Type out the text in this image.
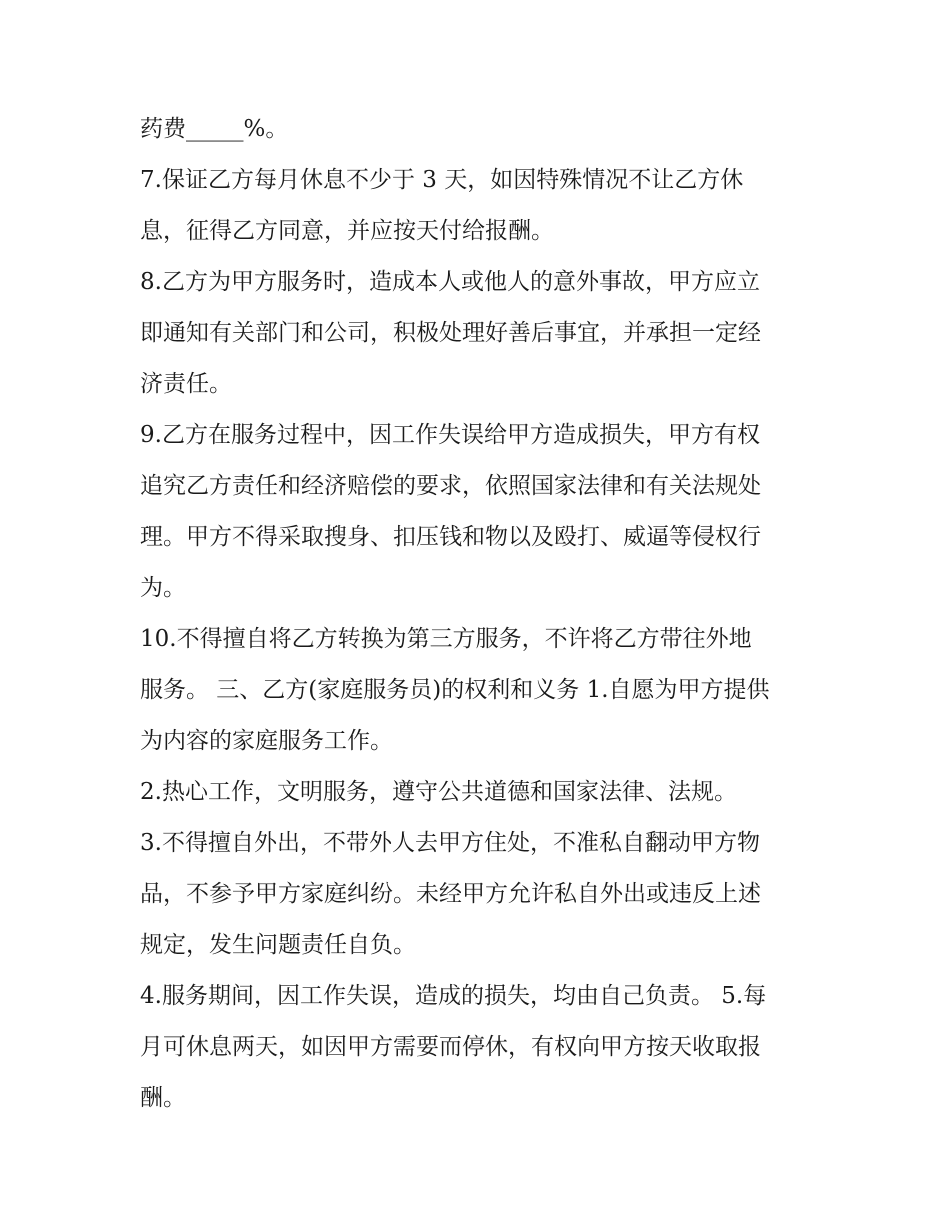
药费_____%。
7.保证乙方每月休息不少于 3 天，如因特殊情况不让乙方休
息，征得乙方同意，并应按天付给报酬。
8.乙方为甲方服务时，造成本人或他人的意外事故，甲方应立
即通知有关部门和公司，积极处理好善后事宜，并承担一定经
济责任。
9.乙方在服务过程中，因工作失误给甲方造成损失，甲方有权
追究乙方责任和经济赔偿的要求，依照国家法律和有关法规处
理。甲方不得采取搜身、扣压钱和物以及殴打、威逼等侵权行
为。
10.不得擅自将乙方转换为第三方服务，不许将乙方带往外地
服务。 三、乙方(家庭服务员)的权利和义务 1.自愿为甲方提供
为内容的家庭服务工作。
2.热心工作，文明服务，遵守公共道德和国家法律、法规。
3.不得擅自外出，不带外人去甲方住处，不准私自翻动甲方物
品，不参予甲方家庭纠纷。未经甲方允许私自外出或违反上述
规定，发生问题责任自负。
4.服务期间，因工作失误，造成的损失，均由自己负责。 5.每
月可休息两天，如因甲方需要而停休，有权向甲方按天收取报
酬。
